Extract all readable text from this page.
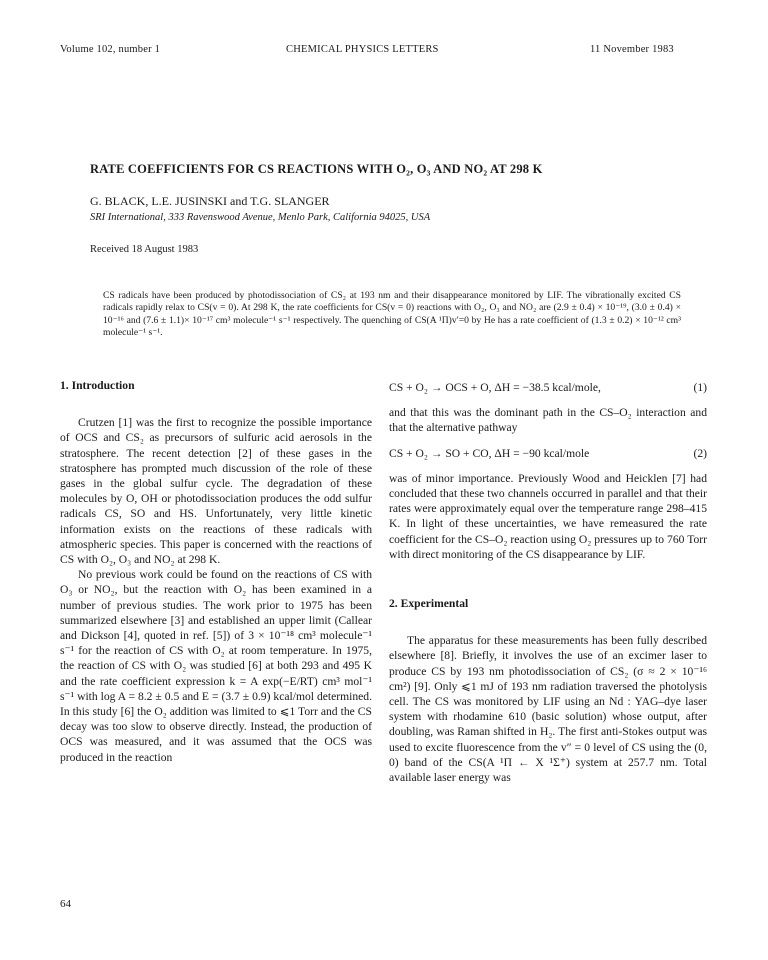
Volume 102, number 1	CHEMICAL PHYSICS LETTERS	11 November 1983
RATE COEFFICIENTS FOR CS REACTIONS WITH O₂, O₃ AND NO₂ AT 298 K
G. BLACK, L.E. JUSINSKI and T.G. SLANGER
SRI International, 333 Ravenswood Avenue, Menlo Park, California 94025, USA
Received 18 August 1983
CS radicals have been produced by photodissociation of CS₂ at 193 nm and their disappearance monitored by LIF. The vibrationally excited CS radicals rapidly relax to CS(v = 0). At 298 K, the rate coefficients for CS(v = 0) reactions with O₂, O₃ and NO₂ are (2.9 ± 0.4) × 10⁻¹⁹, (3.0 ± 0.4) × 10⁻¹⁶ and (7.6 ± 1.1)× 10⁻¹⁷ cm³ molecule⁻¹ s⁻¹ respectively. The quenching of CS(A ¹Π)v′=0 by He has a rate coefficient of (1.3 ± 0.2) × 10⁻¹² cm³ molecule⁻¹ s⁻¹.
1. Introduction

Crutzen [1] was the first to recognize the possible importance of OCS and CS₂ as precursors of sulfuric acid aerosols in the stratosphere. The recent detection [2] of these gases in the stratosphere has prompted much discussion of the role of these gases in the global sulfur cycle. The degradation of these molecules by O, OH or photodissociation produces the odd sulfur radicals CS, SO and HS. Unfortunately, very little kinetic information exists on the reactions of these radicals with atmospheric species. This paper is concerned with the reactions of CS with O₂, O₃ and NO₂ at 298 K.

No previous work could be found on the reactions of CS with O₃ or NO₂, but the reaction with O₂ has been examined in a number of previous studies. The work prior to 1975 has been summarized elsewhere [3] and established an upper limit (Callear and Dickson [4], quoted in ref. [5]) of 3 × 10⁻¹⁸ cm³ molecule⁻¹ s⁻¹ for the reaction of CS with O₂ at room temperature. In 1975, the reaction of CS with O₂ was studied [6] at both 293 and 495 K and the rate coefficient expression k = A exp(−E/RT) cm³ mol⁻¹ s⁻¹ with log A = 8.2 ± 0.5 and E = (3.7 ± 0.9) kcal/mol determined. In this study [6] the O₂ addition was limited to ⩽1 Torr and the CS decay was too slow to observe directly. Instead, the production of OCS was measured, and it was assumed that the OCS was produced in the reaction

CS + O₂ → OCS + O, ΔH = −38.5 kcal/mole,	(1)

and that this was the dominant path in the CS–O₂ interaction and that the alternative pathway

CS + O₂ → SO + CO, ΔH = −90 kcal/mole	(2)

was of minor importance. Previously Wood and Heicklen [7] had concluded that these two channels occurred in parallel and that their rates were approximately equal over the temperature range 298–415 K. In light of these uncertainties, we have remeasured the rate coefficient for the CS–O₂ reaction using O₂ pressures up to 760 Torr with direct monitoring of the CS disappearance by LIF.

2. Experimental

The apparatus for these measurements has been fully described elsewhere [8]. Briefly, it involves the use of an excimer laser to produce CS by 193 nm photodissociation of CS₂ (σ ≈ 2 × 10⁻¹⁶ cm²) [9]. Only ⩽1 mJ of 193 nm radiation traversed the photolysis cell. The CS was monitored by LIF using an Nd : YAG–dye laser system with rhodamine 610 (basic solution) whose output, after doubling, was Raman shifted in H₂. The first anti-Stokes output was used to excite fluorescence from the v″ = 0 level of CS using the (0, 0) band of the CS(A ¹Π ← X ¹Σ⁺) system at 257.7 nm. Total available laser energy was

64
